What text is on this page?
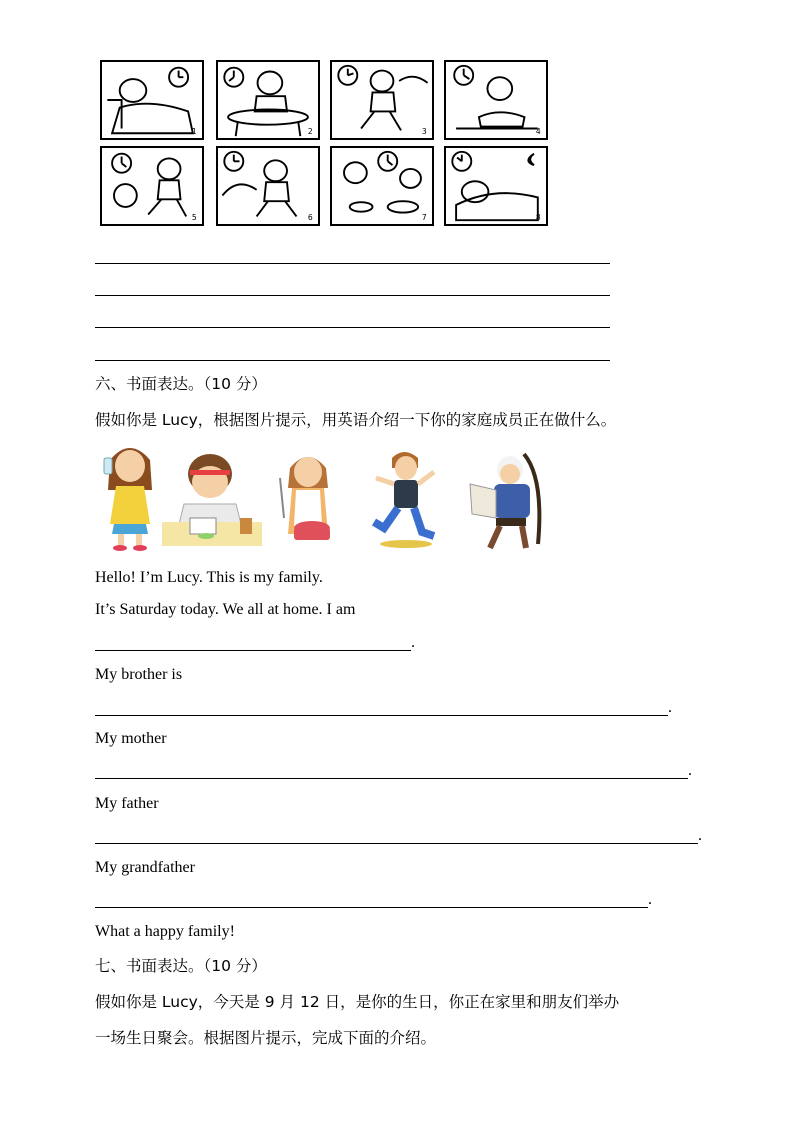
1	2	3	4
5	6	7	8
六、书面表达。（10 分）
假如你是 Lucy，根据图片提示，用英语介绍一下你的家庭成员正在做什么。
Hello! I’m Lucy. This is my family.
It’s Saturday today. We all at home. I am
.
My brother is
.
My mother
.
My father
.
My grandfather
.
What a happy family!
七、书面表达。（10 分）
假如你是 Lucy，今天是 9 月 12 日，是你的生日，你正在家里和朋友们举办
一场生日聚会。根据图片提示，完成下面的介绍。
